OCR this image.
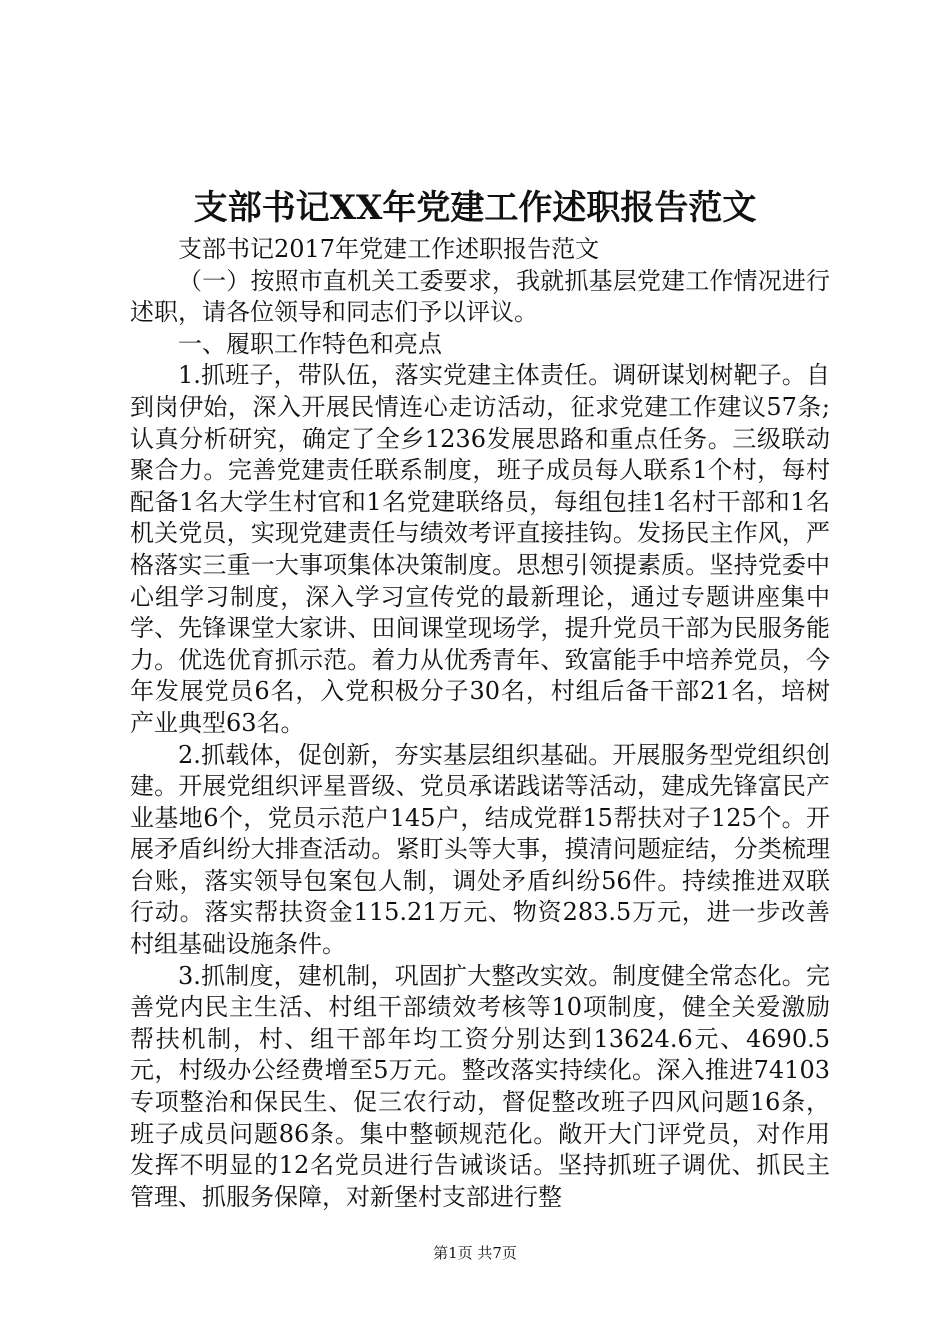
支部书记XX年党建工作述职报告范文

支部书记2017年党建工作述职报告范文

（一）按照市直机关工委要求，我就抓基层党建工作情况进行述职，请各位领导和同志们予以评议。

一、履职工作特色和亮点

1.抓班子，带队伍，落实党建主体责任。调研谋划树靶子。自到岗伊始，深入开展民情连心走访活动，征求党建工作建议57条;认真分析研究，确定了全乡1236发展思路和重点任务。三级联动聚合力。完善党建责任联系制度，班子成员每人联系1个村，每村配备1名大学生村官和1名党建联络员，每组包挂1名村干部和1名机关党员，实现党建责任与绩效考评直接挂钩。发扬民主作风，严格落实三重一大事项集体决策制度。思想引领提素质。坚持党委中心组学习制度，深入学习宣传党的最新理论，通过专题讲座集中学、先锋课堂大家讲、田间课堂现场学，提升党员干部为民服务能力。优选优育抓示范。着力从优秀青年、致富能手中培养党员，今年发展党员6名，入党积极分子30名，村组后备干部21名，培树产业典型63名。

2.抓载体，促创新，夯实基层组织基础。开展服务型党组织创建。开展党组织评星晋级、党员承诺践诺等活动，建成先锋富民产业基地6个，党员示范户145户，结成党群15帮扶对子125个。开展矛盾纠纷大排查活动。紧盯头等大事，摸清问题症结，分类梳理台账，落实领导包案包人制，调处矛盾纠纷56件。持续推进双联行动。落实帮扶资金115.21万元、物资283.5万元，进一步改善村组基础设施条件。

3.抓制度，建机制，巩固扩大整改实效。制度健全常态化。完善党内民主生活、村组干部绩效考核等10项制度，健全关爱激励帮扶机制，村、组干部年均工资分别达到13624.6元、4690.5元，村级办公经费增至5万元。整改落实持续化。深入推进74103专项整治和保民生、促三农行动，督促整改班子四风问题16条，班子成员问题86条。集中整顿规范化。敞开大门评党员，对作用发挥不明显的12名党员进行告诫谈话。坚持抓班子调优、抓民主管理、抓服务保障，对新堡村支部进行整

第1页 共7页
